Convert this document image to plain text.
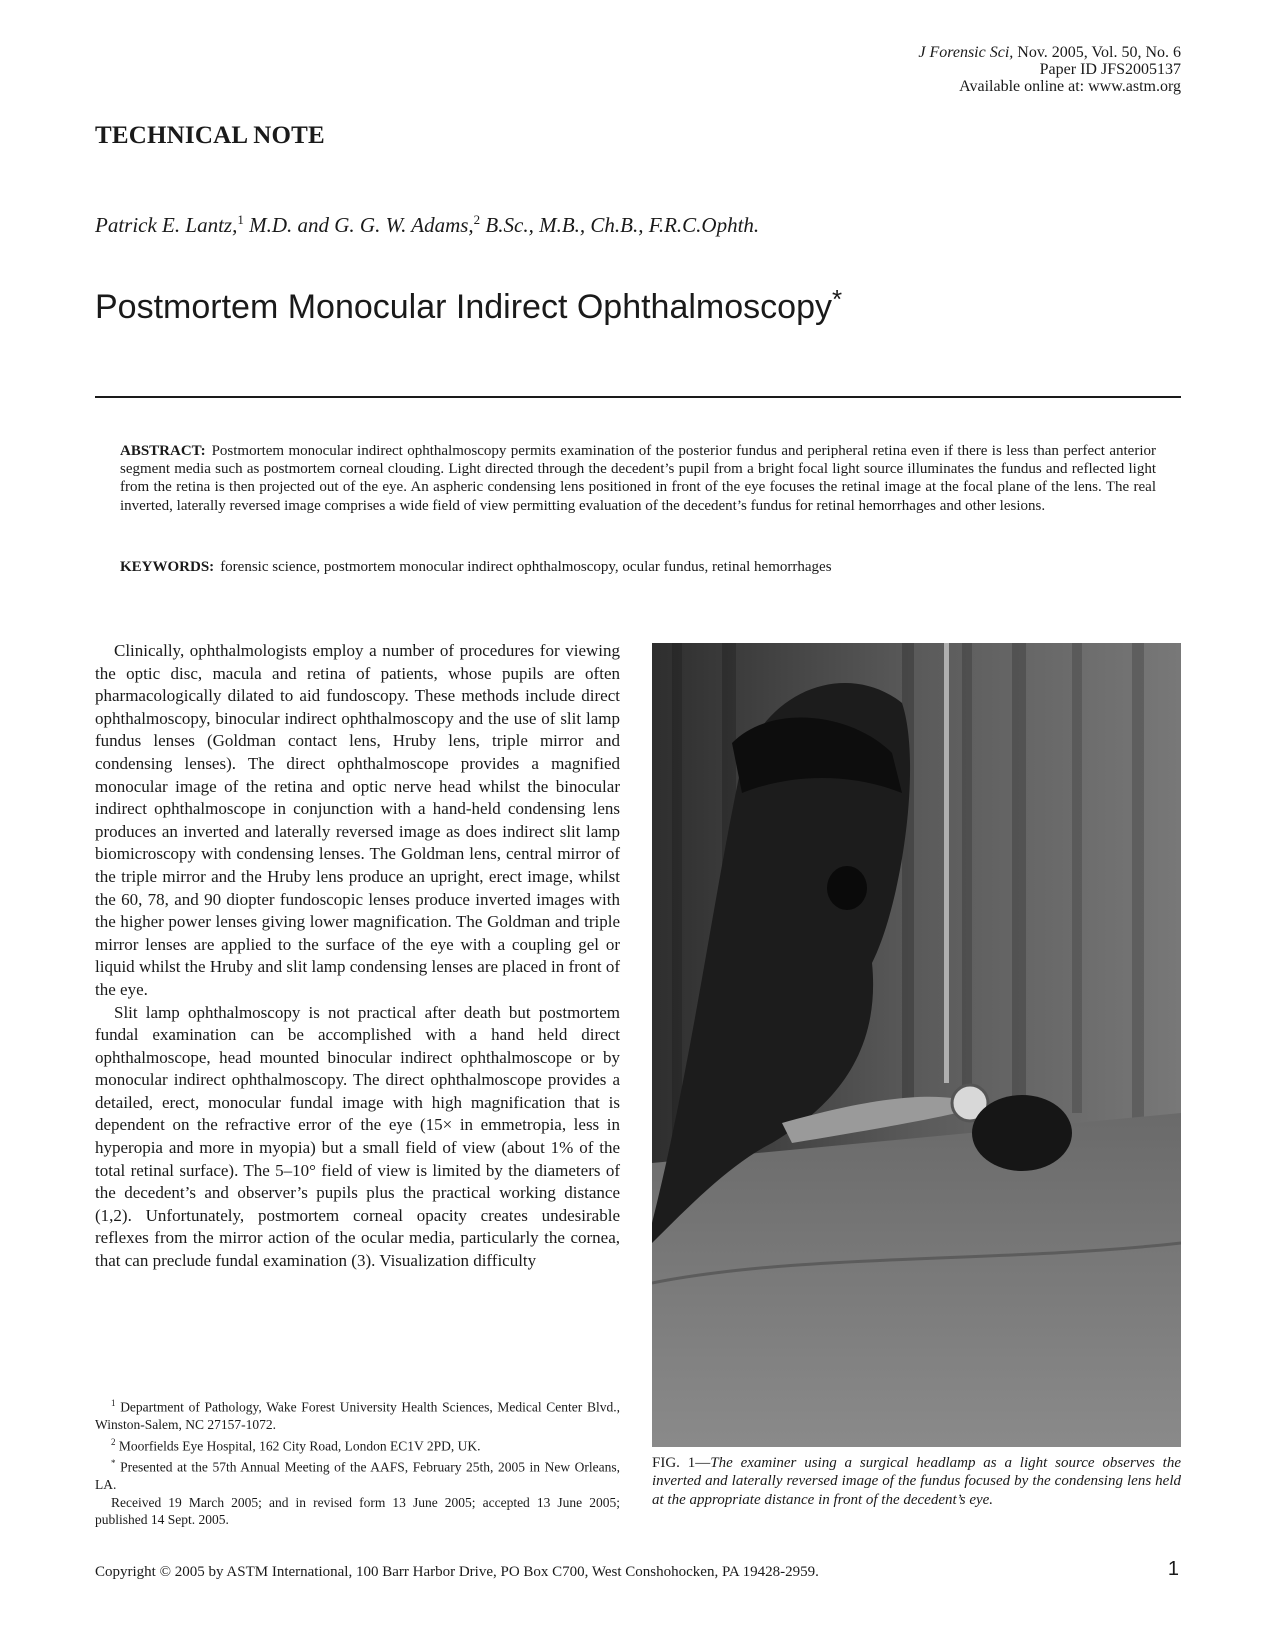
J Forensic Sci, Nov. 2005, Vol. 50, No. 6
Paper ID JFS2005137
Available online at: www.astm.org
TECHNICAL NOTE
Patrick E. Lantz,$^1$ M.D. and G. G. W. Adams,$^2$ B.Sc., M.B., Ch.B., F.R.C.Ophth.
Postmortem Monocular Indirect Ophthalmoscopy*
ABSTRACT: Postmortem monocular indirect ophthalmoscopy permits examination of the posterior fundus and peripheral retina even if there is less than perfect anterior segment media such as postmortem corneal clouding. Light directed through the decedent’s pupil from a bright focal light source illuminates the fundus and reflected light from the retina is then projected out of the eye. An aspheric condensing lens positioned in front of the eye focuses the retinal image at the focal plane of the lens. The real inverted, laterally reversed image comprises a wide field of view permitting evaluation of the decedent’s fundus for retinal hemorrhages and other lesions.
KEYWORDS: forensic science, postmortem monocular indirect ophthalmoscopy, ocular fundus, retinal hemorrhages

Clinically, ophthalmologists employ a number of procedures for viewing the optic disc, macula and retina of patients, whose pupils are often pharmacologically dilated to aid fundoscopy. These methods include direct ophthalmoscopy, binocular indirect ophthalmoscopy and the use of slit lamp fundus lenses (Goldman contact lens, Hruby lens, triple mirror and condensing lenses). The direct ophthalmoscope provides a magnified monocular image of the retina and optic nerve head whilst the binocular indirect ophthalmoscope in conjunction with a hand-held condensing lens produces an inverted and laterally reversed image as does indirect slit lamp biomicroscopy with condensing lenses. The Goldman lens, central mirror of the triple mirror and the Hruby lens produce an upright, erect image, whilst the 60, 78, and 90 diopter fundoscopic lenses produce inverted images with the higher power lenses giving lower magnification. The Goldman and triple mirror lenses are applied to the surface of the eye with a coupling gel or liquid whilst the Hruby and slit lamp condensing lenses are placed in front of the eye.

Slit lamp ophthalmoscopy is not practical after death but postmortem fundal examination can be accomplished with a hand held direct ophthalmoscope, head mounted binocular indirect ophthalmoscope or by monocular indirect ophthalmoscopy. The direct ophthalmoscope provides a detailed, erect, monocular fundal image with high magnification that is dependent on the refractive error of the eye (15× in emmetropia, less in hyperopia and more in myopia) but a small field of view (about 1% of the total retinal surface). The 5–10° field of view is limited by the diameters of the decedent’s and observer’s pupils plus the practical working distance (1,2). Unfortunately, postmortem corneal opacity creates undesirable reflexes from the mirror action of the ocular media, particularly the cornea, that can preclude fundal examination (3). Visualization difficulty

$^1$ Department of Pathology, Wake Forest University Health Sciences, Medical Center Blvd., Winston-Salem, NC 27157-1072.

$^2$ Moorfields Eye Hospital, 162 City Road, London EC1V 2PD, UK.

* Presented at the 57th Annual Meeting of the AAFS, February 25th, 2005 in New Orleans, LA.

Received 19 March 2005; and in revised form 13 June 2005; accepted 13 June 2005; published 14 Sept. 2005.

FIG. 1—The examiner using a surgical headlamp as a light source observes the inverted and laterally reversed image of the fundus focused by the condensing lens held at the appropriate distance in front of the decedent’s eye.
Copyright © 2005 by ASTM International, 100 Barr Harbor Drive, PO Box C700, West Conshohocken, PA 19428-2959.	1
